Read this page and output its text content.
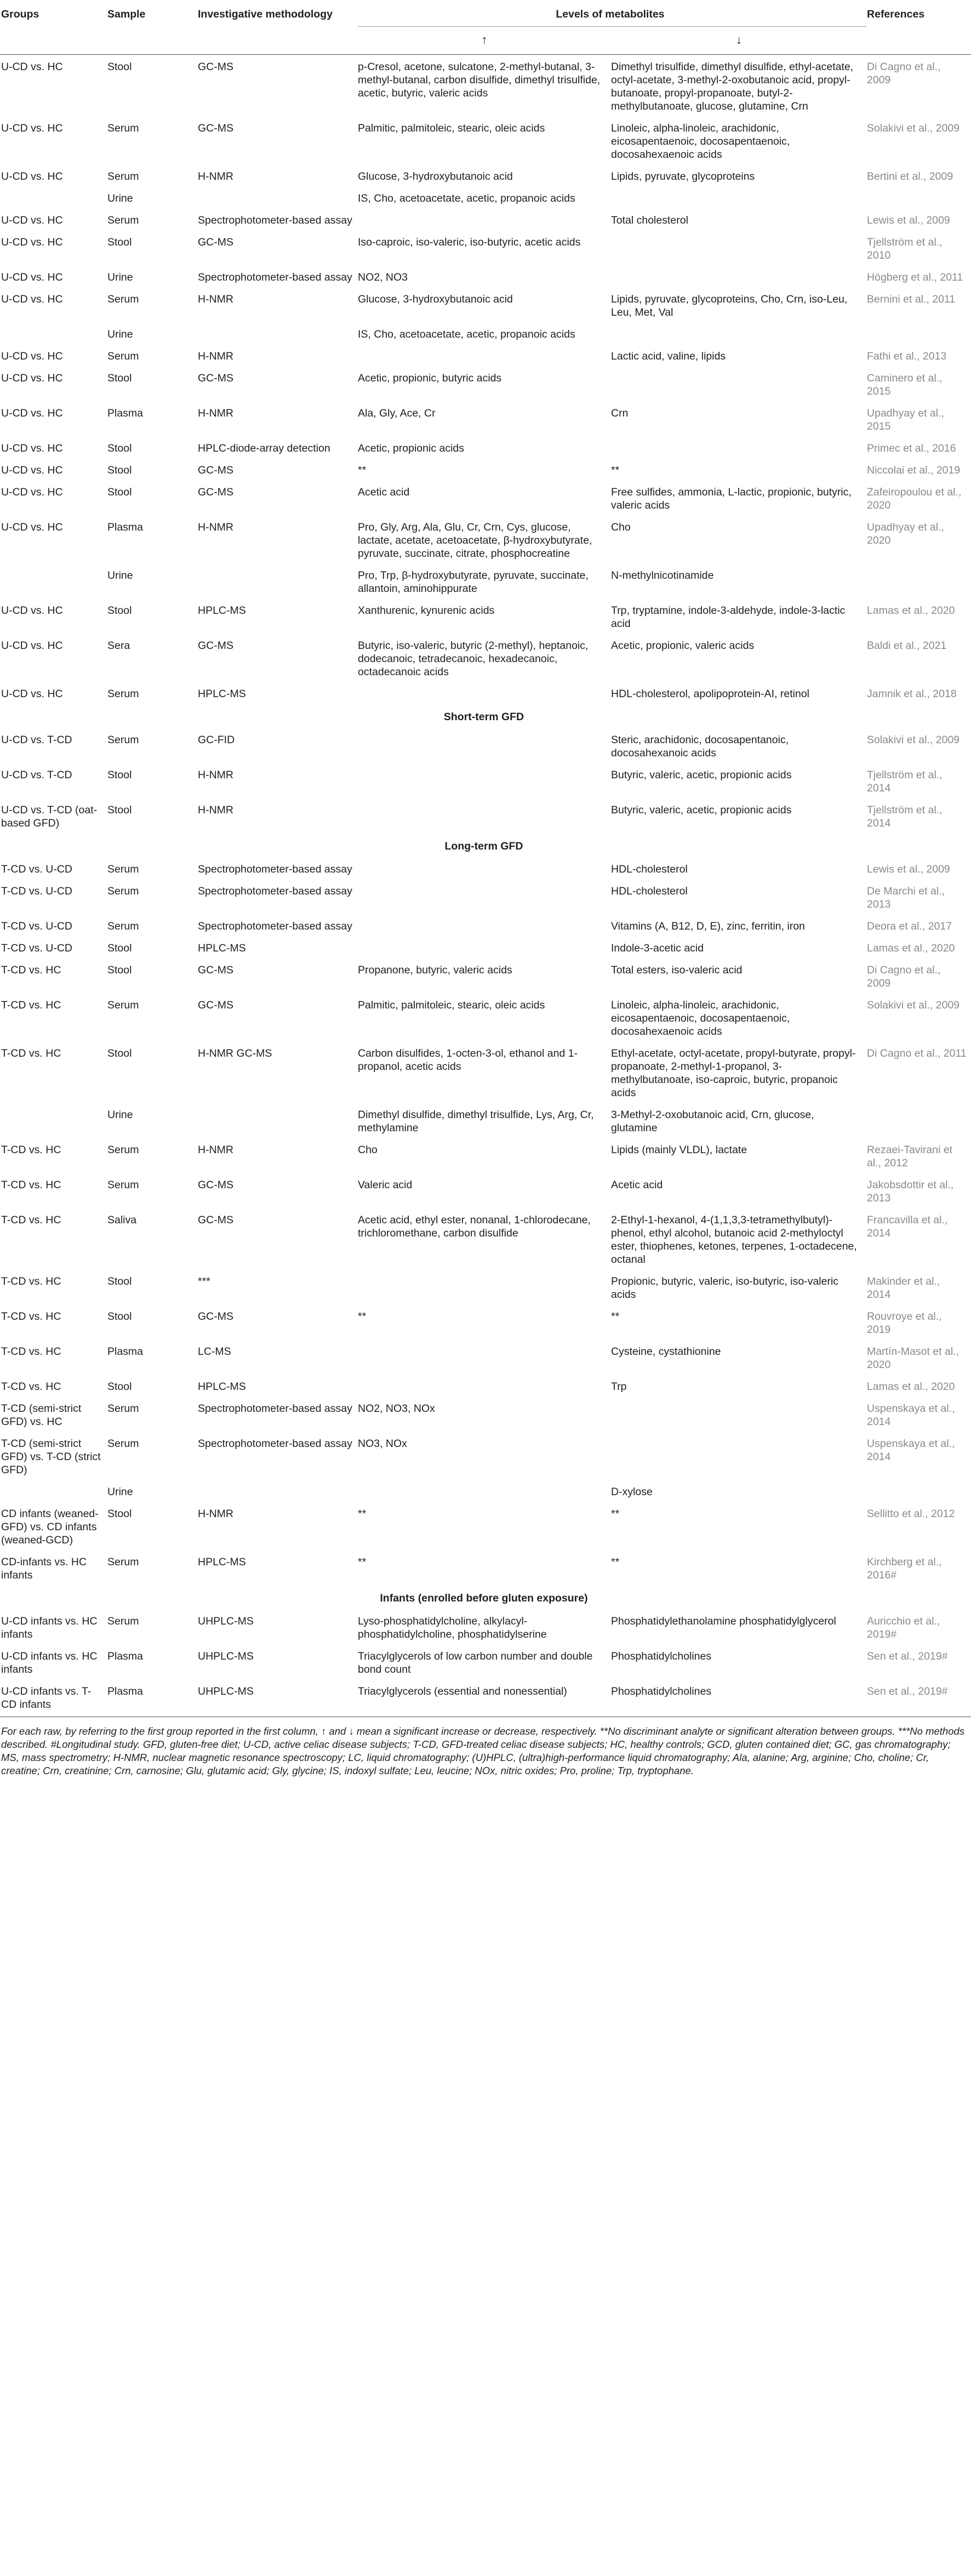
Groups	Sample	Investigative methodology	Levels of metabolites		References
			↑	↓	
U-CD vs. HC	Stool	GC-MS	p-Cresol, acetone, sulcatone, 2-methyl-butanal, 3-methyl-butanal, carbon disulfide, dimethyl trisulfide, acetic, butyric, valeric acids	Dimethyl trisulfide, dimethyl disulfide, ethyl-acetate, octyl-acetate, 3-methyl-2-oxobutanoic acid, propyl-butanoate, propyl-propanoate, butyl-2-methylbutanoate, glucose, glutamine, Crn	Di Cagno et al., 2009
U-CD vs. HC	Serum	GC-MS	Palmitic, palmitoleic, stearic, oleic acids	Linoleic, alpha-linoleic, arachidonic, eicosapentaenoic, docosapentaenoic, docosahexaenoic acids	Solakivi et al., 2009
U-CD vs. HC	Serum	H-NMR	Glucose, 3-hydroxybutanoic acid	Lipids, pyruvate, glycoproteins	Bertini et al., 2009
	Urine		IS, Cho, acetoacetate, acetic, propanoic acids		
U-CD vs. HC	Serum	Spectrophotometer-based assay		Total cholesterol	Lewis et al., 2009
U-CD vs. HC	Stool	GC-MS	Iso-caproic, iso-valeric, iso-butyric, acetic acids		Tjellström et al., 2010
U-CD vs. HC	Urine	Spectrophotometer-based assay	NO2, NO3		Högberg et al., 2011
U-CD vs. HC	Serum	H-NMR	Glucose, 3-hydroxybutanoic acid	Lipids, pyruvate, glycoproteins, Cho, Crn, iso-Leu, Leu, Met, Val	Bernini et al., 2011
	Urine		IS, Cho, acetoacetate, acetic, propanoic acids		
U-CD vs. HC	Serum	H-NMR		Lactic acid, valine, lipids	Fathi et al., 2013
U-CD vs. HC	Stool	GC-MS	Acetic, propionic, butyric acids		Caminero et al., 2015
U-CD vs. HC	Plasma	H-NMR	Ala, Gly, Ace, Cr	Crn	Upadhyay et al., 2015
U-CD vs. HC	Stool	HPLC-diode-array detection	Acetic, propionic acids		Primec et al., 2016
U-CD vs. HC	Stool	GC-MS	**	**	Niccolai et al., 2019
U-CD vs. HC	Stool	GC-MS	Acetic acid	Free sulfides, ammonia, L-lactic, propionic, butyric, valeric acids	Zafeiropoulou et al., 2020
U-CD vs. HC	Plasma	H-NMR	Pro, Gly, Arg, Ala, Glu, Cr, Crn, Cys, glucose, lactate, acetate, acetoacetate, β-hydroxybutyrate, pyruvate, succinate, citrate, phosphocreatine	Cho	Upadhyay et al., 2020
	Urine		Pro, Trp, β-hydroxybutyrate, pyruvate, succinate, allantoin, aminohippurate	N-methylnicotinamide	
U-CD vs. HC	Stool	HPLC-MS	Xanthurenic, kynurenic acids	Trp, tryptamine, indole-3-aldehyde, indole-3-lactic acid	Lamas et al., 2020
U-CD vs. HC	Sera	GC-MS	Butyric, iso-valeric, butyric (2-methyl), heptanoic, dodecanoic, tetradecanoic, hexadecanoic, octadecanoic acids	Acetic, propionic, valeric acids	Baldi et al., 2021
U-CD vs. HC	Serum	HPLC-MS		HDL-cholesterol, apolipoprotein-AI, retinol	Jamnik et al., 2018
Short-term GFD					
U-CD vs. T-CD	Serum	GC-FID		Steric, arachidonic, docosapentanoic, docosahexanoic acids	Solakivi et al., 2009
U-CD vs. T-CD	Stool	H-NMR		Butyric, valeric, acetic, propionic acids	Tjellström et al., 2014
U-CD vs. T-CD (oat-based GFD)	Stool	H-NMR		Butyric, valeric, acetic, propionic acids	Tjellström et al., 2014
Long-term GFD					
T-CD vs. U-CD	Serum	Spectrophotometer-based assay		HDL-cholesterol	Lewis et al., 2009
T-CD vs. U-CD	Serum	Spectrophotometer-based assay		HDL-cholesterol	De Marchi et al., 2013
T-CD vs. U-CD	Serum	Spectrophotometer-based assay		Vitamins (A, B12, D, E), zinc, ferritin, iron	Deora et al., 2017
T-CD vs. U-CD	Stool	HPLC-MS		Indole-3-acetic acid	Lamas et al., 2020
T-CD vs. HC	Stool	GC-MS	Propanone, butyric, valeric acids	Total esters, iso-valeric acid	Di Cagno et al., 2009
T-CD vs. HC	Serum	GC-MS	Palmitic, palmitoleic, stearic, oleic acids	Linoleic, alpha-linoleic, arachidonic, eicosapentaenoic, docosapentaenoic, docosahexaenoic acids	Solakivi et al., 2009
T-CD vs. HC	Stool	H-NMR GC-MS	Carbon disulfides, 1-octen-3-ol, ethanol and 1-propanol, acetic acids	Ethyl-acetate, octyl-acetate, propyl-butyrate, propyl-propanoate, 2-methyl-1-propanol, 3-methylbutanoate, iso-caproic, butyric, propanoic acids	Di Cagno et al., 2011
	Urine		Dimethyl disulfide, dimethyl trisulfide, Lys, Arg, Cr, methylamine	3-Methyl-2-oxobutanoic acid, Crn, glucose, glutamine	
T-CD vs. HC	Serum	H-NMR	Cho	Lipids (mainly VLDL), lactate	Rezaei-Tavirani et al., 2012
T-CD vs. HC	Serum	GC-MS	Valeric acid	Acetic acid	Jakobsdottir et al., 2013
T-CD vs. HC	Saliva	GC-MS	Acetic acid, ethyl ester, nonanal, 1-chlorodecane, trichloromethane, carbon disulfide	2-Ethyl-1-hexanol, 4-(1,1,3,3-tetramethylbutyl)-phenol, ethyl alcohol, butanoic acid 2-methyloctyl ester, thiophenes, ketones, terpenes, 1-octadecene, octanal	Francavilla et al., 2014
T-CD vs. HC	Stool	***		Propionic, butyric, valeric, iso-butyric, iso-valeric acids	Makinder et al., 2014
T-CD vs. HC	Stool	GC-MS	**	**	Rouvroye et al., 2019
T-CD vs. HC	Plasma	LC-MS		Cysteine, cystathionine	Martín-Masot et al., 2020
T-CD vs. HC	Stool	HPLC-MS		Trp	Lamas et al., 2020
T-CD (semi-strict GFD) vs. HC	Serum	Spectrophotometer-based assay	NO2, NO3, NOx		Uspenskaya et al., 2014
T-CD (semi-strict GFD) vs. T-CD (strict GFD)	Serum	Spectrophotometer-based assay	NO3, NOx		Uspenskaya et al., 2014
	Urine			D-xylose	
CD infants (weaned-GFD) vs. CD infants (weaned-GCD)	Stool	H-NMR	**	**	Sellitto et al., 2012
CD-infants vs. HC infants	Serum	HPLC-MS	**	**	Kirchberg et al., 2016#
Infants (enrolled before gluten exposure)					
U-CD infants vs. HC infants	Serum	UHPLC-MS	Lyso-phosphatidylcholine, alkylacyl-phosphatidylcholine, phosphatidylserine	Phosphatidylethanolamine phosphatidylglycerol	Auricchio et al., 2019#
U-CD infants vs. HC infants	Plasma	UHPLC-MS	Triacylglycerols of low carbon number and double bond count	Phosphatidylcholines	Sen et al., 2019#
U-CD infants vs. T-CD infants	Plasma	UHPLC-MS	Triacylglycerols (essential and nonessential)	Phosphatidylcholines	Sen et al., 2019#
For each raw, by referring to the first group reported in the first column, ↑ and ↓ mean a significant increase or decrease, respectively. **No discriminant analyte or significant alteration between groups. ***No methods described. #Longitudinal study. GFD, gluten-free diet; U-CD, active celiac disease subjects; T-CD, GFD-treated celiac disease subjects; HC, healthy controls; GCD, gluten contained diet; GC, gas chromatography; MS, mass spectrometry; H-NMR, nuclear magnetic resonance spectroscopy; LC, liquid chromatography; (U)HPLC, (ultra)high-performance liquid chromatography; Ala, alanine; Arg, arginine; Cho, choline; Cr, creatine; Crn, creatinine; Crn, carnosine; Glu, glutamic acid; Gly, glycine; IS, indoxyl sulfate; Leu, leucine; NOx, nitric oxides; Pro, proline; Trp, tryptophane.
